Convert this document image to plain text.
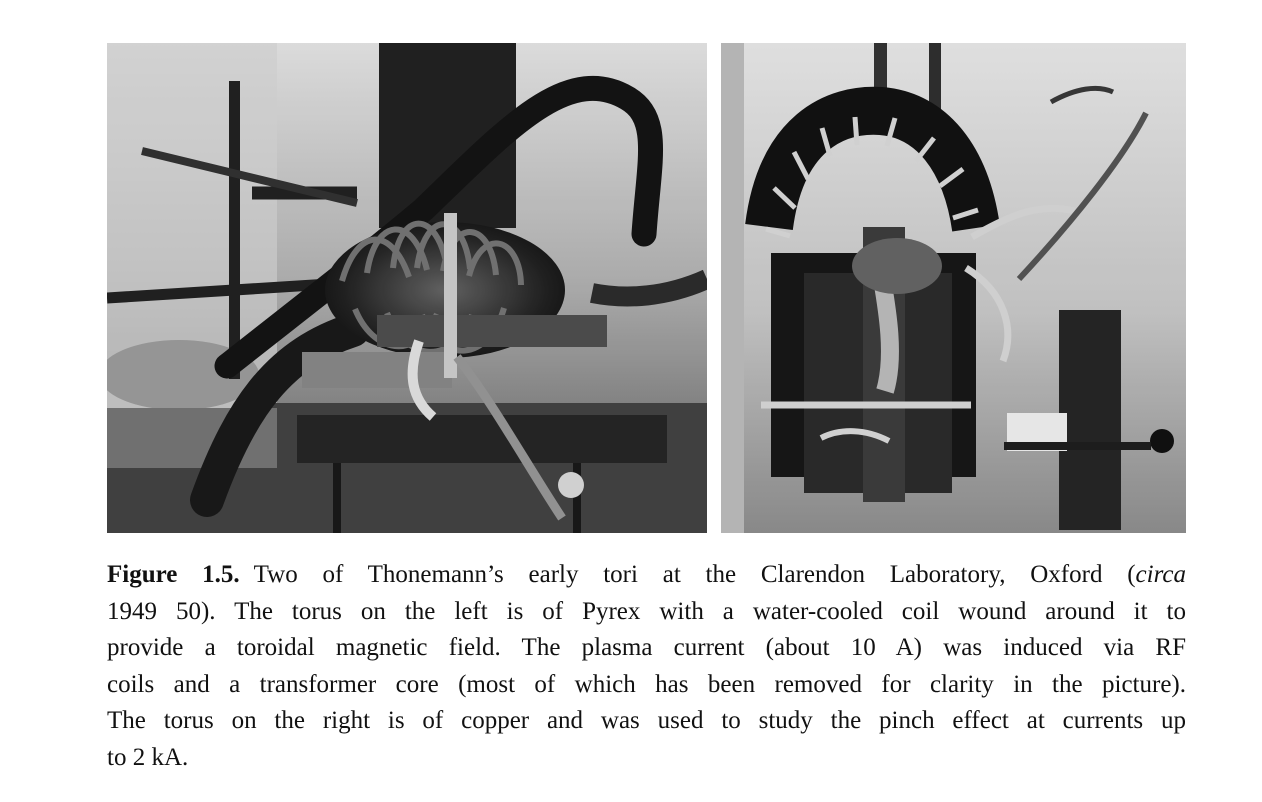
Figure 1.5. Two of Thonemann’s early tori at the Clarendon Laboratory, Oxford (circa
1949 50). The torus on the left is of Pyrex with a water-cooled coil wound around it to
provide a toroidal magnetic field. The plasma current (about 10 A) was induced via RF
coils and a transformer core (most of which has been removed for clarity in the picture).
The torus on the right is of copper and was used to study the pinch effect at currents up
to 2 kA.
